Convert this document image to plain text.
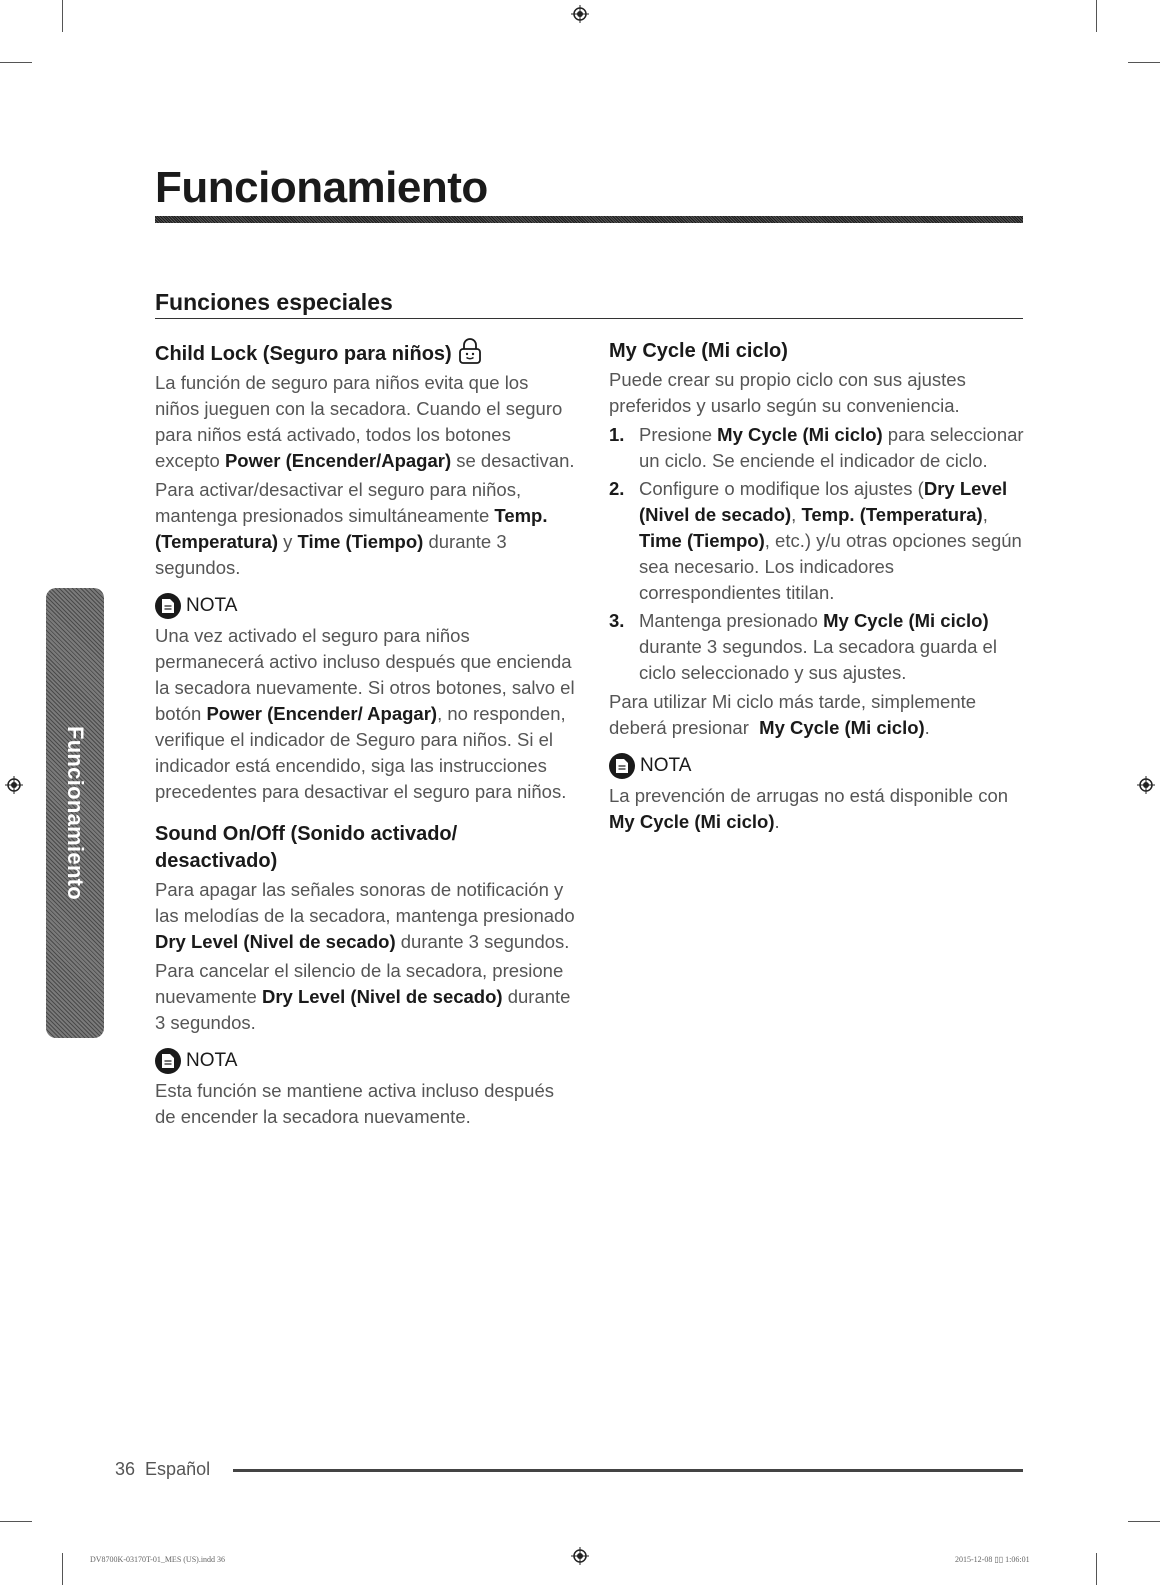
Funcionamiento
Funciones especiales
Funcionamiento
Child Lock (Seguro para niños)

La función de seguro para niños evita que los niños jueguen con la secadora. Cuando el seguro para niños está activado, todos los botones excepto Power (Encender/Apagar) se desactivan.

Para activar/desactivar el seguro para niños, mantenga presionados simultáneamente Temp. (Temperatura) y Time (Tiempo) durante 3 segundos.

NOTA

Una vez activado el seguro para niños permanecerá activo incluso después que encienda la secadora nuevamente. Si otros botones, salvo el botón Power (Encender/ Apagar), no responden, verifique el indicador de Seguro para niños. Si el indicador está encendido, siga las instrucciones precedentes para desactivar el seguro para niños.

Sound On/Off (Sonido activado/ desactivado)

Para apagar las señales sonoras de notificación y las melodías de la secadora, mantenga presionado Dry Level (Nivel de secado) durante 3 segundos.

Para cancelar el silencio de la secadora, presione nuevamente Dry Level (Nivel de secado) durante 3 segundos.

NOTA

Esta función se mantiene activa incluso después de encender la secadora nuevamente.

My Cycle (Mi ciclo)

Puede crear su propio ciclo con sus ajustes preferidos y usarlo según su conveniencia.

1. Presione My Cycle (Mi ciclo) para seleccionar un ciclo. Se enciende el indicador de ciclo.
2. Configure o modifique los ajustes (Dry Level (Nivel de secado), Temp. (Temperatura), Time (Tiempo), etc.) y/u otras opciones según sea necesario. Los indicadores correspondientes titilan.
3. Mantenga presionado My Cycle (Mi ciclo) durante 3 segundos. La secadora guarda el ciclo seleccionado y sus ajustes.

Para utilizar Mi ciclo más tarde, simplemente deberá presionar  My Cycle (Mi ciclo).

NOTA

La prevención de arrugas no está disponible con My Cycle (Mi ciclo).

36 Español
DV8700K-03170T-01_MES (US).indd 36	2015-12-08 ▯▯ 1:06:01
